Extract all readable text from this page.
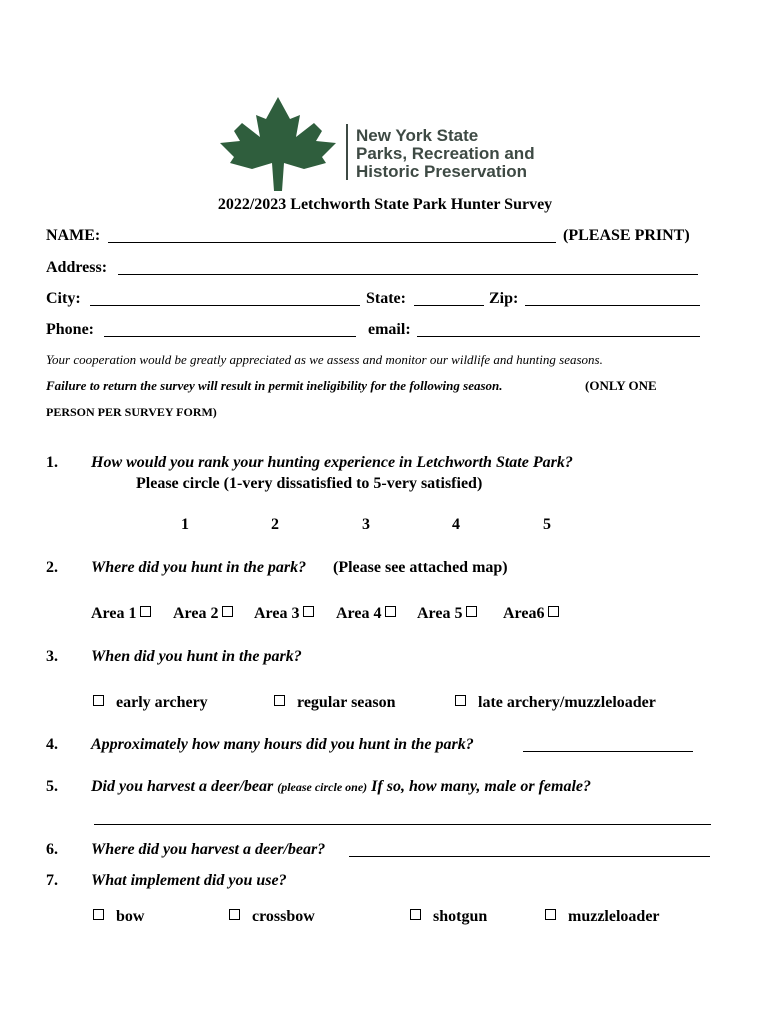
New York State
Parks, Recreation and
Historic Preservation
2022/2023 Letchworth State Park Hunter Survey
NAME:	(PLEASE PRINT)
Address:
City:	State:	Zip:
Phone:	email:
Your cooperation would be greatly appreciated as we assess and monitor our wildlife and hunting seasons.
Failure to return the survey will result in permit ineligibility for the following season.	(ONLY ONE
PERSON PER SURVEY FORM)
1. How would you rank your hunting experience in Letchworth State Park?
Please circle (1-very dissatisfied to 5-very satisfied)
1	2	3	4	5
2. Where did you hunt in the park? (Please see attached map)
Area 1	Area 2	Area 3	Area 4	Area 5	Area6
3. When did you hunt in the park?
early archery	regular season	late archery/muzzleloader
4. Approximately how many hours did you hunt in the park?
5. Did you harvest a deer/bear (please circle one) If so, how many, male or female?
6. Where did you harvest a deer/bear?
7. What implement did you use?
bow	crossbow	shotgun	muzzleloader
